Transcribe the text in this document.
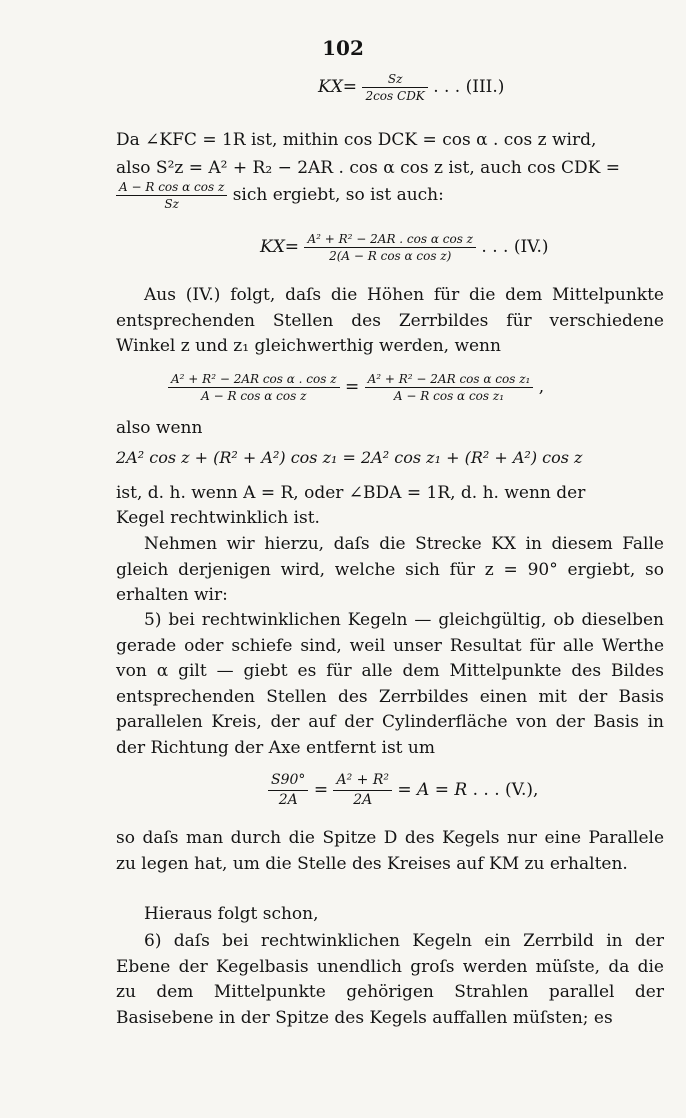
102
$KX= \frac{Sz}{\text{2cos CDK}}$ . . . (III.)
Da ∠KFC = 1R ist, mithin cos DCK = cos α . cos z wird,
also S²z = A² + R₂ − 2AR . cos α cos z ist, auch cos CDK =
$\frac{\text{A − R cos α cos z}}{Sz}$ sich ergiebt, so ist auch:
$KX= \frac{\text{A² + R² − 2AR . cos α cos z}}{\text{2(A − R cos α cos z)}}$ . . . (IV.)
Aus (IV.) folgt, daſs die Höhen für die dem Mittelpunkte entsprechenden Stellen des Zerrbildes für verschiedene Winkel z und z₁ gleichwerthig werden, wenn
$\frac{\text{A² + R² − 2AR cos α . cos z}}{\text{A − R cos α cos z}} = \frac{\text{A² + R² − 2AR cos α cos z₁}}{\text{A − R cos α cos z₁}}$ ,
also wenn
2A² cos z + (R² + A²) cos z₁ = 2A² cos z₁ + (R² + A²) cos z
ist, d. h. wenn A = R, oder ∠BDA = 1R, d. h. wenn der
Kegel rechtwinklich ist.
Nehmen wir hierzu, daſs die Strecke KX in diesem Falle gleich derjenigen wird, welche sich für z = 90° ergiebt, so erhalten wir:
5) bei rechtwinklichen Kegeln — gleichgültig, ob dieselben gerade oder schiefe sind, weil unser Resultat für alle Werthe von α gilt — giebt es für alle dem Mittelpunkte des Bildes entsprechenden Stellen des Zerrbildes einen mit der Basis parallelen Kreis, der auf der Cylinderfläche von der Basis in der Richtung der Axe entfernt ist um
$\frac{S90^\circ}{2A} = \frac{\text{A² + R²}}{2A} = A = R$ . . . (V.),
so daſs man durch die Spitze D des Kegels nur eine Parallele zu legen hat, um die Stelle des Kreises auf KM zu erhalten.
Hieraus folgt schon,
6) daſs bei rechtwinklichen Kegeln ein Zerrbild in der Ebene der Kegelbasis unendlich groſs werden müſste, da die zu dem Mittelpunkte gehörigen Strahlen parallel der Basisebene in der Spitze des Kegels auffallen müſsten; es
